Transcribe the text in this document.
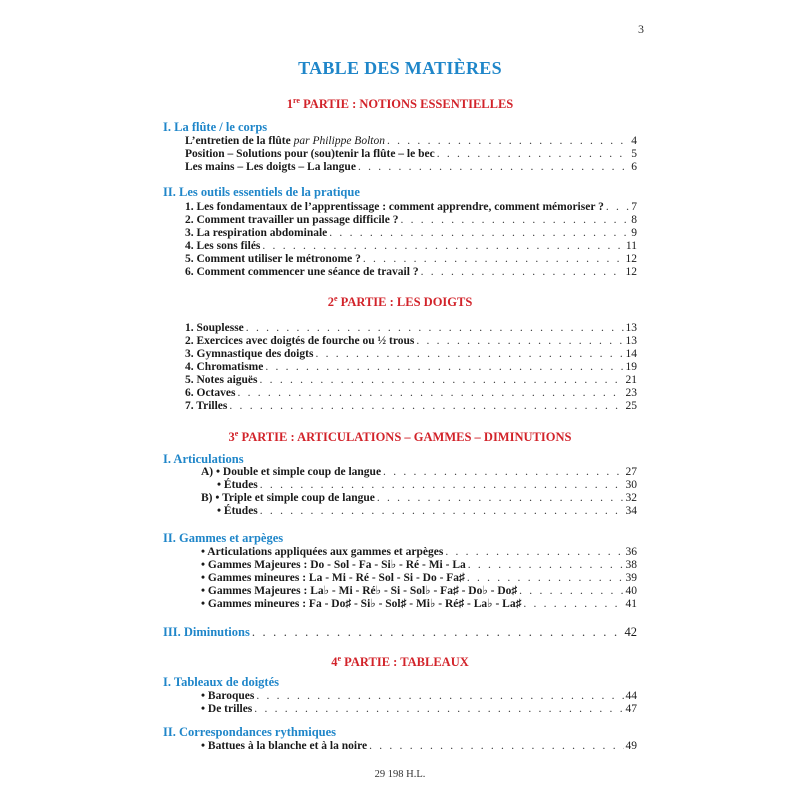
3
TABLE DES MATIÈRES
1re PARTIE : NOTIONS ESSENTIELLES
I. La flûte / le corps
L’entretien de la flûte par Philippe Bolton . . .	4
Position – Solutions pour (sou)tenir la flûte – le bec . . .	5
Les mains – Les doigts – La langue . . .	6
II. Les outils essentiels de la pratique
1. Les fondamentaux de l’apprentissage : comment apprendre, comment mémoriser ? . . . 7
2. Comment travailler un passage difficile ? . . .	8
3. La respiration abdominale . . .	9
4. Les sons filés . . .	11
5. Comment utiliser le métronome ? . . .	12
6. Comment commencer une séance de travail ? . . .	12
2e PARTIE : LES DOIGTS
1. Souplesse . . .	13
2. Exercices avec doigtés de fourche ou ½ trous . . .	13
3. Gymnastique des doigts . . .	14
4. Chromatisme . . .	19
5. Notes aiguës . . .	21
6. Octaves . . .	23
7. Trilles . . .	25
3e PARTIE : ARTICULATIONS – GAMMES – DIMINUTIONS
I. Articulations
A) • Double et simple coup de langue . . .	27
• Études . . .	30
B) • Triple et simple coup de langue . . .	32
• Études . . .	34
II. Gammes et arpèges
• Articulations appliquées aux gammes et arpèges . . .	36
• Gammes Majeures : Do - Sol - Fa - Si♭ - Ré - Mi - La . . .	38
• Gammes mineures : La - Mi - Ré - Sol - Si - Do - Fa♯ . . .	39
• Gammes Majeures : La♭ - Mi - Ré♭ - Si - Sol♭ - Fa♯ - Do♭ - Do♯ . . .	40
• Gammes mineures : Fa - Do♯ - Si♭ - Sol♯ - Mi♭ - Ré♯ - La♭ - La♯ . . .	41
III. Diminutions . . .	42
4e PARTIE : TABLEAUX
I. Tableaux de doigtés
• Baroques . . .	44
• De trilles . . .	47
II. Correspondances rythmiques
• Battues à la blanche et à la noire . . .	49
29 198 H.L.
